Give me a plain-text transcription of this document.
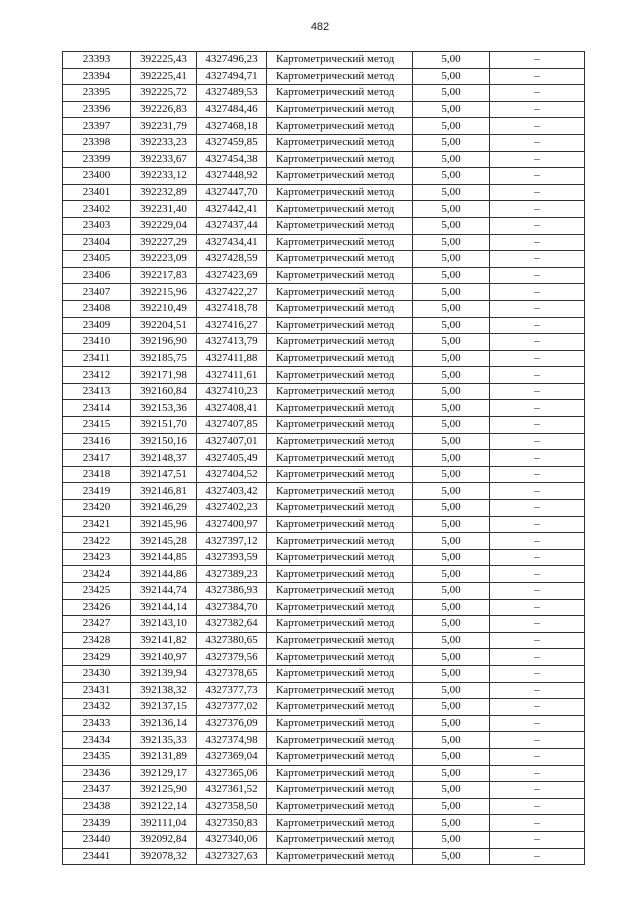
482
23393	392225,43	4327496,23	Картометрический метод	5,00	–
23394	392225,41	4327494,71	Картометрический метод	5,00	–
23395	392225,72	4327489,53	Картометрический метод	5,00	–
23396	392226,83	4327484,46	Картометрический метод	5,00	–
23397	392231,79	4327468,18	Картометрический метод	5,00	–
23398	392233,23	4327459,85	Картометрический метод	5,00	–
23399	392233,67	4327454,38	Картометрический метод	5,00	–
23400	392233,12	4327448,92	Картометрический метод	5,00	–
23401	392232,89	4327447,70	Картометрический метод	5,00	–
23402	392231,40	4327442,41	Картометрический метод	5,00	–
23403	392229,04	4327437,44	Картометрический метод	5,00	–
23404	392227,29	4327434,41	Картометрический метод	5,00	–
23405	392223,09	4327428,59	Картометрический метод	5,00	–
23406	392217,83	4327423,69	Картометрический метод	5,00	–
23407	392215,96	4327422,27	Картометрический метод	5,00	–
23408	392210,49	4327418,78	Картометрический метод	5,00	–
23409	392204,51	4327416,27	Картометрический метод	5,00	–
23410	392196,90	4327413,79	Картометрический метод	5,00	–
23411	392185,75	4327411,88	Картометрический метод	5,00	–
23412	392171,98	4327411,61	Картометрический метод	5,00	–
23413	392160,84	4327410,23	Картометрический метод	5,00	–
23414	392153,36	4327408,41	Картометрический метод	5,00	–
23415	392151,70	4327407,85	Картометрический метод	5,00	–
23416	392150,16	4327407,01	Картометрический метод	5,00	–
23417	392148,37	4327405,49	Картометрический метод	5,00	–
23418	392147,51	4327404,52	Картометрический метод	5,00	–
23419	392146,81	4327403,42	Картометрический метод	5,00	–
23420	392146,29	4327402,23	Картометрический метод	5,00	–
23421	392145,96	4327400,97	Картометрический метод	5,00	–
23422	392145,28	4327397,12	Картометрический метод	5,00	–
23423	392144,85	4327393,59	Картометрический метод	5,00	–
23424	392144,86	4327389,23	Картометрический метод	5,00	–
23425	392144,74	4327386,93	Картометрический метод	5,00	–
23426	392144,14	4327384,70	Картометрический метод	5,00	–
23427	392143,10	4327382,64	Картометрический метод	5,00	–
23428	392141,82	4327380,65	Картометрический метод	5,00	–
23429	392140,97	4327379,56	Картометрический метод	5,00	–
23430	392139,94	4327378,65	Картометрический метод	5,00	–
23431	392138,32	4327377,73	Картометрический метод	5,00	–
23432	392137,15	4327377,02	Картометрический метод	5,00	–
23433	392136,14	4327376,09	Картометрический метод	5,00	–
23434	392135,33	4327374,98	Картометрический метод	5,00	–
23435	392131,89	4327369,04	Картометрический метод	5,00	–
23436	392129,17	4327365,06	Картометрический метод	5,00	–
23437	392125,90	4327361,52	Картометрический метод	5,00	–
23438	392122,14	4327358,50	Картометрический метод	5,00	–
23439	392111,04	4327350,83	Картометрический метод	5,00	–
23440	392092,84	4327340,06	Картометрический метод	5,00	–
23441	392078,32	4327327,63	Картометрический метод	5,00	–
